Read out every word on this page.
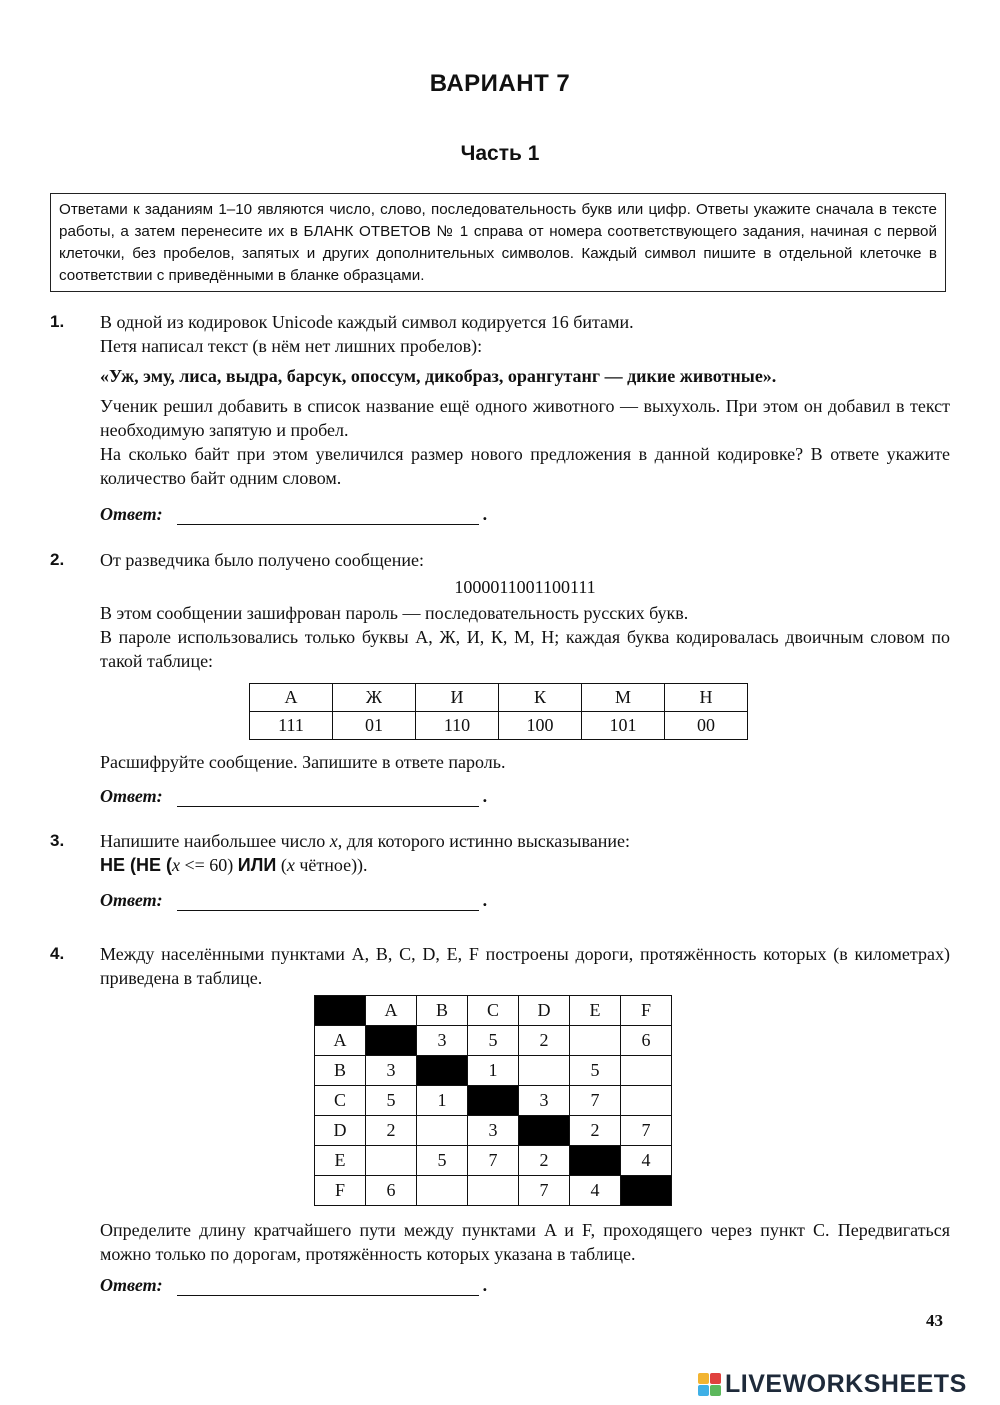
ВАРИАНТ 7
Часть 1
Ответами к заданиям 1–10 являются число, слово, последовательность букв или цифр. Ответы укажите сначала в тексте работы, а затем перенесите их в БЛАНК ОТВЕТОВ № 1 справа от номера соответствующего задания, начиная с первой клеточки, без пробелов, запятых и других дополнительных символов. Каждый символ пишите в отдельной клеточке в соответствии с приведёнными в бланке образцами.
1. В одной из кодировок Unicode каждый символ кодируется 16 битами.

Петя написал текст (в нём нет лишних пробелов):

«Уж, эму, лиса, выдра, барсук, опоссум, дикобраз, орангутанг — дикие животные».

Ученик решил добавить в список название ещё одного животного — выхухоль. При этом он добавил в текст необходимую запятую и пробел.

На сколько байт при этом увеличился размер нового предложения в данной кодировке? В ответе укажите количество байт одним словом.

Ответ:	.
2. От разведчика было получено сообщение:

1000011001100111

В этом сообщении зашифрован пароль — последовательность русских букв.

В пароле использовались только буквы А, Ж, И, К, М, Н; каждая буква кодировалась двоичным словом по такой таблице:

А	Ж	И	К	М	Н
111	01	110	100	101	00

Расшифруйте сообщение. Запишите в ответе пароль.

Ответ:	.
3. Напишите наибольшее число x, для которого истинно высказывание:

НЕ (НЕ (x <= 60) ИЛИ (x чётное)).

Ответ:	.
4. Между населёнными пунктами A, B, C, D, E, F построены дороги, протяжённость которых (в километрах) приведена в таблице.

	A	B	C	D	E	F
A		3	5	2		6
B	3		1		5	
C	5	1		3	7	
D	2		3		2	7
E		5	7	2		4
F	6			7	4	

Определите длину кратчайшего пути между пунктами A и F, проходящего через пункт C. Передвигаться можно только по дорогам, протяжённость которых указана в таблице.

Ответ:	.
43
LIVEWORKSHEETS
